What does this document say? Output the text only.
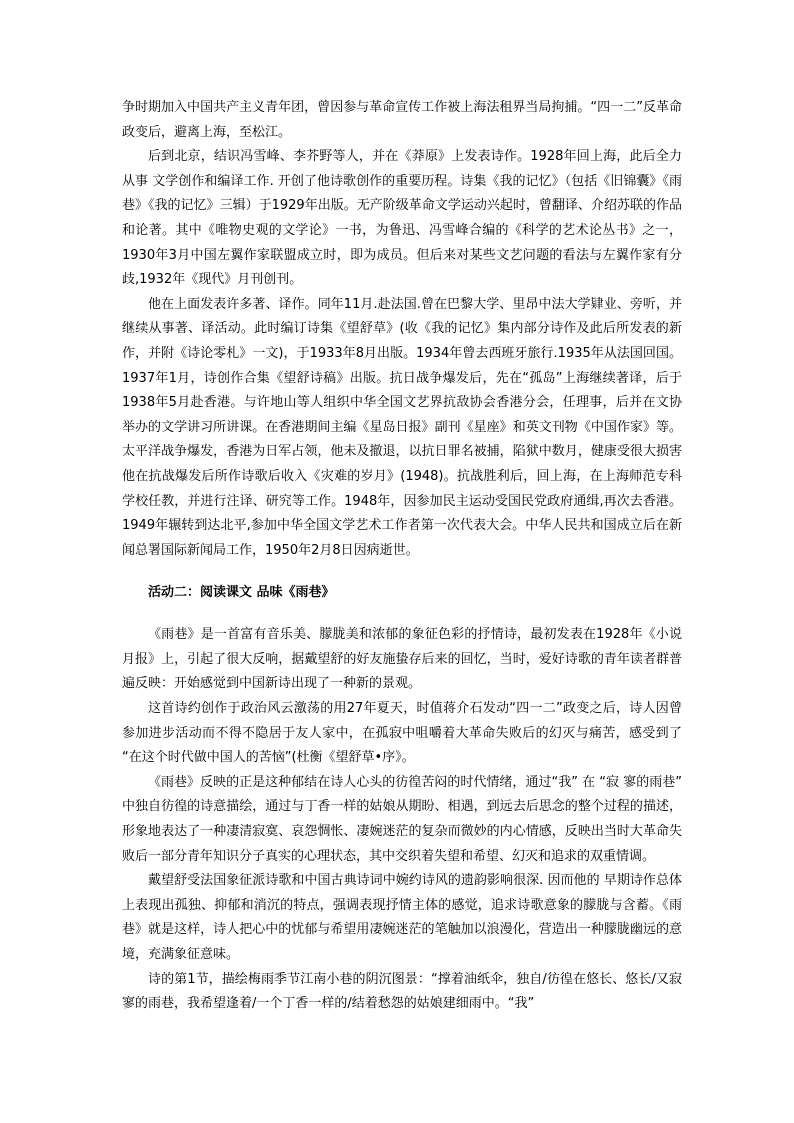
争时期加入中国共产主义青年团，曾因参与革命宣传工作被上海法租界当局拘捕。“四一二”反革命政变后，避离上海，至松江。

后到北京，结识冯雪峰、李芥野等人，并在《莽原》上发表诗作。1928年回上海，此后全力从事 文学创作和编译工作. 开创了他诗歌创作的重要历程。诗集《我的记忆》（包括《旧锦囊》《雨巷》《我的记忆》三辑）于1929年出版。无产阶级革命文学运动兴起时，曾翻译、介绍苏联的作品和论著。其中《唯物史观的文学论》一书，为鲁迅、冯雪峰合编的《科学的艺术论丛书》之一，1930年3月中国左翼作家联盟成立时，即为成员。但后来对某些文艺问题的看法与左翼作家有分歧,1932年《现代》月刊创刊。

他在上面发表许多著、译作。同年11月.赴法国.曾在巴黎大学、里昂中法大学肄业、旁听，并继续从事著、译活动。此时编订诗集《望舒草》(收《我的记忆》集内部分诗作及此后所发表的新作，并附《诗论零札》一文)，于1933年8月出版。1934年曾去西班牙旅行.1935年从法国回国。1937年1月，诗创作合集《望舒诗稿》出版。抗日战争爆发后，先在“孤岛”上海继续著译，后于1938年5月赴香港。与许地山等人组织中华全国文艺界抗敌协会香港分会，任理事，后并在文协举办的文学讲习所讲课。在香港期间主编《星岛日报》副刊《星座》和英文刊物《中国作家》等。太平洋战争爆发，香港为日军占领，他未及撤退，以抗日罪名被捕，陷狱中数月，健康受很大损害他在抗战爆发后所作诗歌后收入《灾难的岁月》(1948)。抗战胜利后，回上海，在上海师范专科学校任教，并进行注译、研究等工作。1948年，因参加民主运动受国民党政府通缉,再次去香港。1949年辗转到达北平,参加中华全国文学艺术工作者第一次代表大会。中华人民共和国成立后在新闻总署国际新闻局工作，1950年2月8日因病逝世。

活动二：阅读课文 品味《雨巷》

《雨巷》是一首富有音乐美、朦胧美和浓郁的象征色彩的抒情诗，最初发表在1928年《小说月报》上，引起了很大反响，据戴望舒的好友施蛰存后来的回忆，当时，爱好诗歌的青年读者群普遍反映：开始感觉到中国新诗出现了一种新的景观。

这首诗约创作于政治风云激荡的用27年夏天，时值蒋介石发动“四一二”政变之后，诗人因曾参加进步活动而不得不隐居于友人家中，在孤寂中咀嚼着大革命失败后的幻灭与痛苦，感受到了 “在这个时代做中国人的苦恼”(杜衡《望舒草•序》。

《雨巷》反映的正是这种郁结在诗人心头的彷徨苦闷的时代情绪，通过“我” 在 “寂 寥的雨巷” 中独自彷徨的诗意描绘，通过与丁香一样的姑娘从期盼、相遇，到远去后思念的整个过程的描述，形象地表达了一种凄清寂寞、哀怨惆怅、凄婉迷茫的复杂而微妙的内心情感，反映出当时大革命失败后一部分青年知识分子真实的心理状态，其中交织着失望和希望、幻灭和追求的双重情调。

戴望舒受法国象征派诗歌和中国古典诗词中婉约诗风的遗韵影响很深. 因而他的 早期诗作总体上表现出孤独、抑郁和消沉的特点，强调表现抒情主体的感觉，追求诗歌意象的朦胧与含蓄。《雨巷》就是这样，诗人把心中的忧郁与希望用凄婉迷茫的笔触加以浪漫化，营造出一种朦胧幽远的意境，充满象征意味。

诗的第1节，描绘梅雨季节江南小巷的阴沉图景：“撑着油纸伞，独自/彷徨在悠长、悠长/又寂寥的雨巷，我希望逢着/一个丁香一样的/结着愁怨的姑娘建细雨中。“我”
